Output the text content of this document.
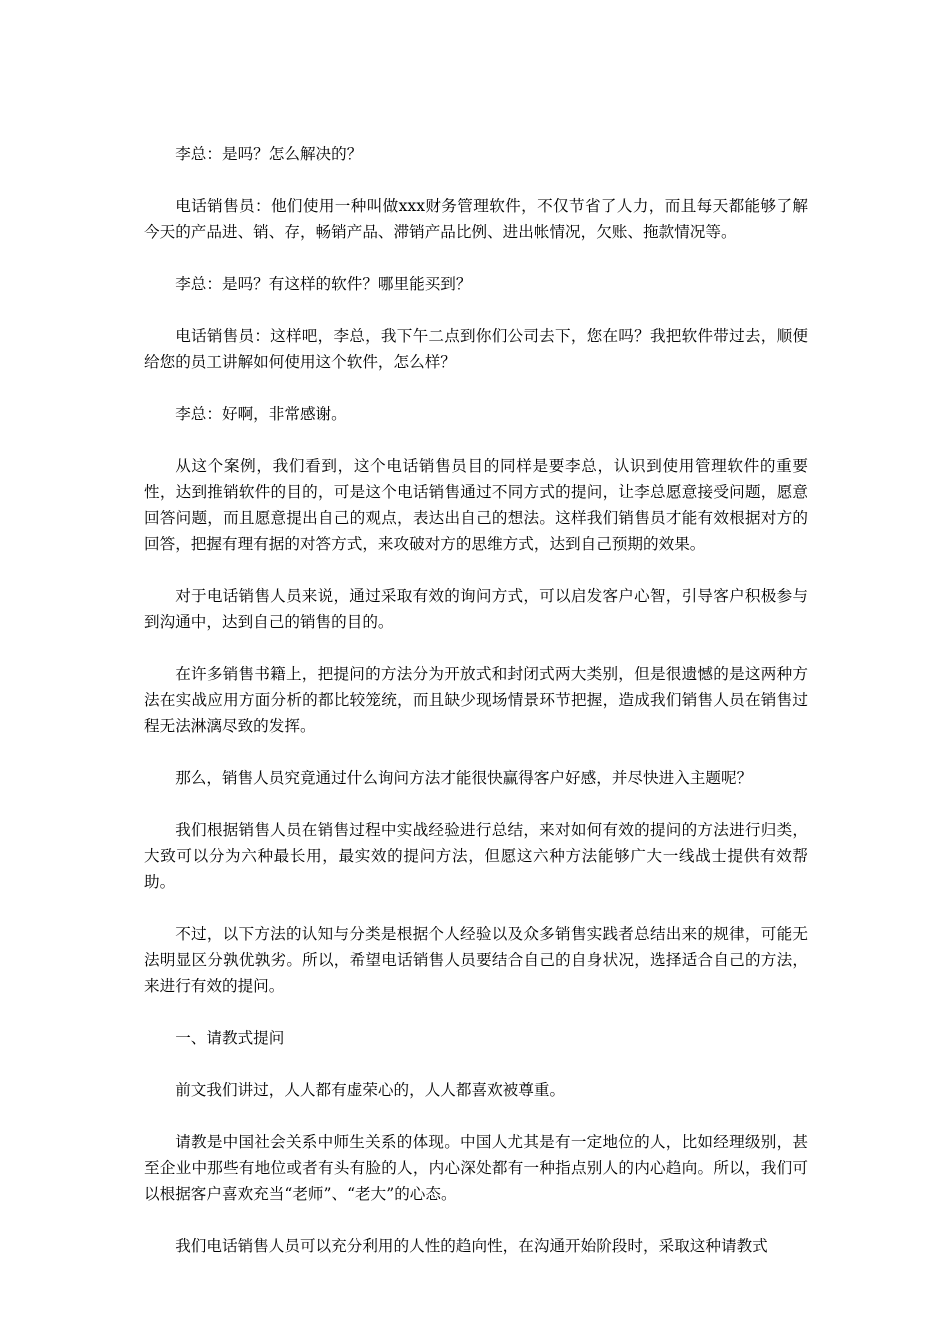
李总：是吗？怎么解决的？

电话销售员：他们使用一种叫做xxx财务管理软件，不仅节省了人力，而且每天都能够了解今天的产品进、销、存，畅销产品、滞销产品比例、进出帐情况，欠账、拖款情况等。

李总：是吗？有这样的软件？哪里能买到？

电话销售员：这样吧，李总，我下午二点到你们公司去下，您在吗？我把软件带过去，顺便给您的员工讲解如何使用这个软件，怎么样？

李总：好啊，非常感谢。

从这个案例，我们看到，这个电话销售员目的同样是要李总，认识到使用管理软件的重要性，达到推销软件的目的，可是这个电话销售通过不同方式的提问，让李总愿意接受问题，愿意回答问题，而且愿意提出自己的观点，表达出自己的想法。这样我们销售员才能有效根据对方的回答，把握有理有据的对答方式，来攻破对方的思维方式，达到自己预期的效果。

对于电话销售人员来说，通过采取有效的询问方式，可以启发客户心智，引导客户积极参与到沟通中，达到自己的销售的目的。

在许多销售书籍上，把提问的方法分为开放式和封闭式两大类别，但是很遗憾的是这两种方法在实战应用方面分析的都比较笼统，而且缺少现场情景环节把握，造成我们销售人员在销售过程无法淋漓尽致的发挥。

那么，销售人员究竟通过什么询问方法才能很快赢得客户好感，并尽快进入主题呢？

我们根据销售人员在销售过程中实战经验进行总结，来对如何有效的提问的方法进行归类，大致可以分为六种最长用，最实效的提问方法，但愿这六种方法能够广大一线战士提供有效帮助。

不过，以下方法的认知与分类是根据个人经验以及众多销售实践者总结出来的规律，可能无法明显区分孰优孰劣。所以，希望电话销售人员要结合自己的自身状况，选择适合自己的方法，来进行有效的提问。

一、请教式提问

前文我们讲过，人人都有虚荣心的，人人都喜欢被尊重。

请教是中国社会关系中师生关系的体现。中国人尤其是有一定地位的人，比如经理级别，甚至企业中那些有地位或者有头有脸的人，内心深处都有一种指点别人的内心趋向。所以，我们可以根据客户喜欢充当“老师”、“老大”的心态。

我们电话销售人员可以充分利用的人性的趋向性，在沟通开始阶段时，采取这种请教式
